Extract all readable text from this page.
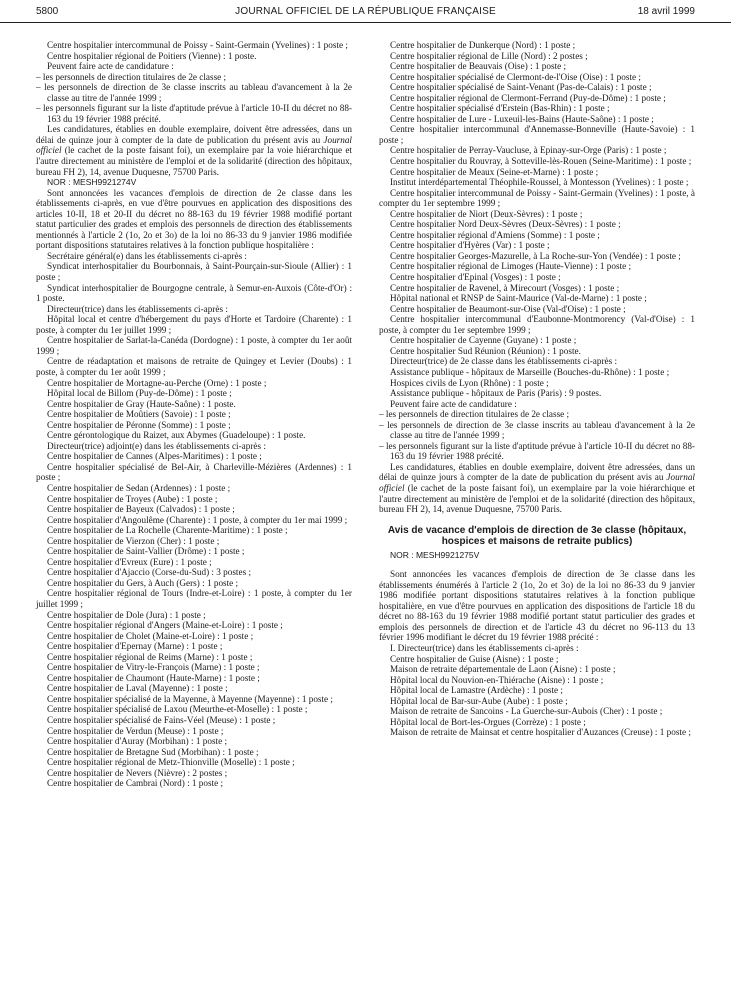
5800	JOURNAL OFFICIEL DE LA RÉPUBLIQUE FRANÇAISE	18 avril 1999

Centre hospitalier intercommunal de Poissy - Saint-Germain (Yvelines) : 1 poste ;

Centre hospitalier régional de Poitiers (Vienne) : 1 poste.

Peuvent faire acte de candidature :

– les personnels de direction titulaires de 2e classe ;

– les personnels de direction de 3e classe inscrits au tableau d'avancement à la 2e classe au titre de l'année 1999 ;

– les personnels figurant sur la liste d'aptitude prévue à l'article 10-II du décret no 88-163 du 19 février 1988 précité.

Les candidatures, établies en double exemplaire, doivent être adressées, dans un délai de quinze jour à compter de la date de publication du présent avis au Journal officiel (le cachet de la poste faisant foi), un exemplaire par la voie hiérarchique et l'autre directement au ministère de l'emploi et de la solidarité (direction des hôpitaux, bureau FH 2), 14, avenue Duquesne, 75700 Paris.

NOR : MESH9921274V

Sont annoncées les vacances d'emplois de direction de 2e classe dans les établissements ci-après, en vue d'être pourvues en application des dispositions des articles 10-II, 18 et 20-II du décret no 88-163 du 19 février 1988 modifié portant statut particulier des grades et emplois des personnels de direction des établissements mentionnés à l'article 2 (1o, 2o et 3o) de la loi no 86-33 du 9 janvier 1986 modifiée portant dispositions statutaires relatives à la fonction publique hospitalière :

Secrétaire général(e) dans les établissements ci-après :

Syndicat interhospitalier du Bourbonnais, à Saint-Pourçain-sur-Sioule (Allier) : 1 poste ;

Syndicat interhospitalier de Bourgogne centrale, à Semur-en-Auxois (Côte-d'Or) : 1 poste.

Directeur(trice) dans les établissements ci-après :

Hôpital local et centre d'hébergement du pays d'Horte et Tardoire (Charente) : 1 poste, à compter du 1er juillet 1999 ;

Centre hospitalier de Sarlat-la-Canéda (Dordogne) : 1 poste, à compter du 1er août 1999 ;

Centre de réadaptation et maisons de retraite de Quingey et Levier (Doubs) : 1 poste, à compter du 1er août 1999 ;

Centre hospitalier de Mortagne-au-Perche (Orne) : 1 poste ;

Hôpital local de Billom (Puy-de-Dôme) : 1 poste ;

Centre hospitalier de Gray (Haute-Saône) : 1 poste.

Centre hospitalier de Moûtiers (Savoie) : 1 poste ;

Centre hospitalier de Péronne (Somme) : 1 poste ;

Centre gérontologique du Raizet, aux Abymes (Guadeloupe) : 1 poste.

Directeur(trice) adjoint(e) dans les établissements ci-après :

Centre hospitalier de Cannes (Alpes-Maritimes) : 1 poste ;

Centre hospitalier spécialisé de Bel-Air, à Charleville-Mézières (Ardennes) : 1 poste ;

Centre hospitalier de Sedan (Ardennes) : 1 poste ;

Centre hospitalier de Troyes (Aube) : 1 poste ;

Centre hospitalier de Bayeux (Calvados) : 1 poste ;

Centre hospitalier d'Angoulême (Charente) : 1 poste, à compter du 1er mai 1999 ;

Centre hospitalier de La Rochelle (Charente-Maritime) : 1 poste ;

Centre hospitalier de Vierzon (Cher) : 1 poste ;

Centre hospitalier de Saint-Vallier (Drôme) : 1 poste ;

Centre hospitalier d'Evreux (Eure) : 1 poste ;

Centre hospitalier d'Ajaccio (Corse-du-Sud) : 3 postes ;

Centre hospitalier du Gers, à Auch (Gers) : 1 poste ;

Centre hospitalier régional de Tours (Indre-et-Loire) : 1 poste, à compter du 1er juillet 1999 ;

Centre hospitalier de Dole (Jura) : 1 poste ;

Centre hospitalier régional d'Angers (Maine-et-Loire) : 1 poste ;

Centre hospitalier de Cholet (Maine-et-Loire) : 1 poste ;

Centre hospitalier d'Epernay (Marne) : 1 poste ;

Centre hospitalier régional de Reims (Marne) : 1 poste ;

Centre hospitalier de Vitry-le-François (Marne) : 1 poste ;

Centre hospitalier de Chaumont (Haute-Marne) : 1 poste ;

Centre hospitalier de Laval (Mayenne) : 1 poste ;

Centre hospitalier spécialisé de la Mayenne, à Mayenne (Mayenne) : 1 poste ;

Centre hospitalier spécialisé de Laxou (Meurthe-et-Moselle) : 1 poste ;

Centre hospitalier spécialisé de Fains-Véel (Meuse) : 1 poste ;

Centre hospitalier de Verdun (Meuse) : 1 poste ;

Centre hospitalier d'Auray (Morbihan) : 1 poste ;

Centre hospitalier de Bretagne Sud (Morbihan) : 1 poste ;

Centre hospitalier régional de Metz-Thionville (Moselle) : 1 poste ;

Centre hospitalier de Nevers (Nièvre) : 2 postes ;

Centre hospitalier de Cambrai (Nord) : 1 poste ;

Centre hospitalier de Dunkerque (Nord) : 1 poste ;

Centre hospitalier régional de Lille (Nord) : 2 postes ;

Centre hospitalier de Beauvais (Oise) : 1 poste ;

Centre hospitalier spécialisé de Clermont-de-l'Oise (Oise) : 1 poste ;

Centre hospitalier spécialisé de Saint-Venant (Pas-de-Calais) : 1 poste ;

Centre hospitalier régional de Clermont-Ferrand (Puy-de-Dôme) : 1 poste ;

Centre hospitalier spécialisé d'Erstein (Bas-Rhin) : 1 poste ;

Centre hospitalier de Lure - Luxeuil-les-Bains (Haute-Saône) : 1 poste ;

Centre hospitalier intercommunal d'Annemasse-Bonneville (Haute-Savoie) : 1 poste ;

Centre hospitalier de Perray-Vaucluse, à Epinay-sur-Orge (Paris) : 1 poste ;

Centre hospitalier du Rouvray, à Sotteville-lès-Rouen (Seine-Maritime) : 1 poste ;

Centre hospitalier de Meaux (Seine-et-Marne) : 1 poste ;

Institut interdépartemental Théophile-Roussel, à Montesson (Yvelines) : 1 poste ;

Centre hospitalier intercommunal de Poissy - Saint-Germain (Yvelines) : 1 poste, à compter du 1er septembre 1999 ;

Centre hospitalier de Niort (Deux-Sèvres) : 1 poste ;

Centre hospitalier Nord Deux-Sèvres (Deux-Sèvres) : 1 poste ;

Centre hospitalier régional d'Amiens (Somme) : 1 poste ;

Centre hospitalier d'Hyères (Var) : 1 poste ;

Centre hospitalier Georges-Mazurelle, à La Roche-sur-Yon (Vendée) : 1 poste ;

Centre hospitalier régional de Limoges (Haute-Vienne) : 1 poste ;

Centre hospitalier d'Epinal (Vosges) : 1 poste ;

Centre hospitalier de Ravenel, à Mirecourt (Vosges) : 1 poste ;

Hôpital national et RNSP de Saint-Maurice (Val-de-Marne) : 1 poste ;

Centre hospitalier de Beaumont-sur-Oise (Val-d'Oise) : 1 poste ;

Centre hospitalier intercommunal d'Eaubonne-Montmorency (Val-d'Oise) : 1 poste, à compter du 1er septembre 1999 ;

Centre hospitalier de Cayenne (Guyane) : 1 poste ;

Centre hospitalier Sud Réunion (Réunion) : 1 poste.

Directeur(trice) de 2e classe dans les établissements ci-après :

Assistance publique - hôpitaux de Marseille (Bouches-du-Rhône) : 1 poste ;

Hospices civils de Lyon (Rhône) : 1 poste ;

Assistance publique - hôpitaux de Paris (Paris) : 9 postes.

Peuvent faire acte de candidature :

– les personnels de direction titulaires de 2e classe ;

– les personnels de direction de 3e classe inscrits au tableau d'avancement à la 2e classe au titre de l'année 1999 ;

– les personnels figurant sur la liste d'aptitude prévue à l'article 10-II du décret no 88-163 du 19 février 1988 précité.

Les candidatures, établies en double exemplaire, doivent être adressées, dans un délai de quinze jours à compter de la date de publication du présent avis au Journal officiel (le cachet de la poste faisant foi), un exemplaire par la voie hiérarchique et l'autre directement au ministère de l'emploi et de la solidarité (direction des hôpitaux, bureau FH 2), 14, avenue Duquesne, 75700 Paris.

Avis de vacance d'emplois de direction de 3e classe (hôpitaux, hospices et maisons de retraite publics)

NOR : MESH9921275V

Sont annoncées les vacances d'emplois de direction de 3e classe dans les établissements énumérés à l'article 2 (1o, 2o et 3o) de la loi no 86-33 du 9 janvier 1986 modifiée portant dispositions statutaires relatives à la fonction publique hospitalière, en vue d'être pourvues en application des dispositions de l'article 18 du décret no 88-163 du 19 février 1988 modifié portant statut particulier des grades et emplois des personnels de direction et de l'article 43 du décret no 96-113 du 13 février 1996 modifiant le décret du 19 février 1988 précité :

I. Directeur(trice) dans les établissements ci-après :

Centre hospitalier de Guise (Aisne) : 1 poste ;

Maison de retraite départementale de Laon (Aisne) : 1 poste ;

Hôpital local du Nouvion-en-Thiérache (Aisne) : 1 poste ;

Hôpital local de Lamastre (Ardèche) : 1 poste ;

Hôpital local de Bar-sur-Aube (Aube) : 1 poste ;

Maison de retraite de Sancoins - La Guerche-sur-Aubois (Cher) : 1 poste ;

Hôpital local de Bort-les-Orgues (Corrèze) : 1 poste ;

Maison de retraite de Mainsat et centre hospitalier d'Auzances (Creuse) : 1 poste ;
